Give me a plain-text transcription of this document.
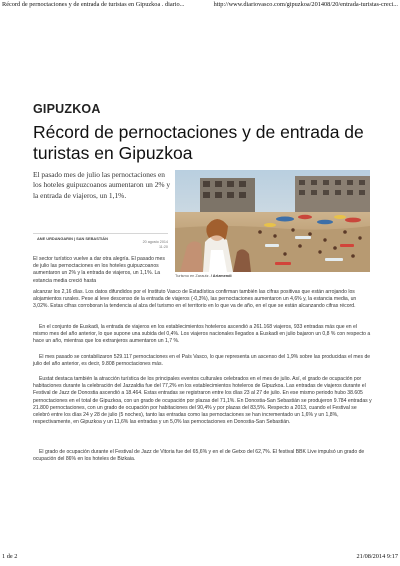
Récord de pernoctaciones y de entrada de turistas en Gipuzkoa . diario...	http://www.diariovasco.com/gipuzkoa/201408/20/entrada-turistas-creci...
GIPUZKOA
Récord de pernoctaciones y de entrada de turistas en Gipuzkoa
El pasado mes de julio las pernoctaciones en los hoteles guipuzcoanos aumentaron un 2% y la entrada de viajeros, un 1,1%.
ANE URDANGARIN | SAN SEBASTIÁN
20 agosto 2014
11:20
Turismo en Zarautz. / Arizmendi

El sector turístico vuelve a dar otra alegría. El pasado mes de julio las pernoctaciones en los hoteles guipuzcoanos aumentaron un 2% y la entrada de viajeros, un 1,1%. La estancia media creció hasta

alcanzar los 2,16 días. Los datos difundidos por el Instituto Vasco de Estadística confirman también las cifras positivas que están arrojando los alojamientos rurales. Pese al leve descenso de la entrada de viajeros (-0,3%), las pernoctaciones aumentaron un 4,6% y, la estancia media, un 3,02%. Estas cifras corroboran la tendencia al alza del turismo en el territorio en lo que va de año, en el que se están alcanzando cifras récord.

En el conjunto de Euskadi, la entrada de viajeros en los establecimientos hoteleros ascendió a 261.168 viajeros, 933 entradas más que en el mismo mes del año anterior, lo que supone una subida del 0,4%. Los viajeros nacionales llegados a Euskadi en julio bajaron un 0,8 % con respecto a hace un año, mientras que los extranjeros aumentaron un 1,7 %.

El mes pasado se contabilizaron 529.117 pernoctaciones en el País Vasco, lo que representa un ascenso del 1,9% sobre las producidas el mes de julio del año anterior, es decir, 9.808 pernoctaciones más.

Eustat destaca también la atracción turística de los principales eventos culturales celebrados en el mes de julio. Así, el grado de ocupación por habitaciones durante la celebración del Jazzaldia fue del 77,2% en los establecimientos hoteleros de Gipuzkoa. Las entradas de viajeros durante el Festival de Jazz de Donostia ascendió a 18.464. Estas entradas se registraron entre los días 23 al 27 de julio. En ese mismo periodo hubo 38.605 pernoctaciones en el total de Gipuzkoa, con un grado de ocupación por plazas del 71,1%. En Donostia-San Sebastián se produjeron 9.784 entradas y 21.800 pernoctaciones, con un grado de ocupación por habitaciones del 90,4% y por plazas del 83,5%. Respecto a 2013, cuando el Festival se celebró entre los días 24 y 28 de julio (5 noches), tanto las entradas como las pernoctaciones se han incrementado un 1,6% y un 1,8%, respectivamente, en Gipuzkoa y un 11,6% las entradas y un 5,0% las pernoctaciones en Donostia-San Sebastián.

El grado de ocupación durante el Festival de Jazz de Vitoria fue del 65,6% y en el de Getxo del 62,7%. El festival BBK Live impulsó un grado de ocupación del 86% en los hoteles de Bizkaia.

1 de 2	21/08/2014 9:17
